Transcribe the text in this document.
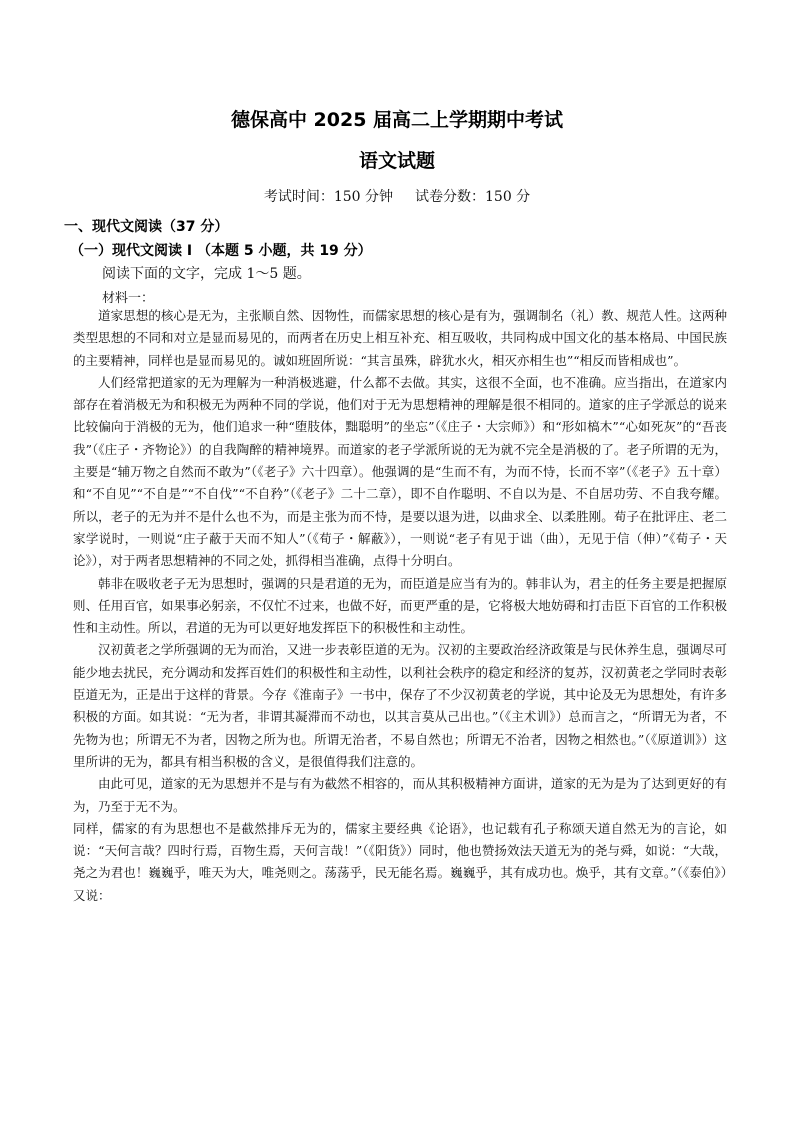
德保高中 2025 届高二上学期期中考试
语文试题
考试时间：150 分钟 试卷分数：150 分
一、现代文阅读（37 分）
（一）现代文阅读 I （本题 5 小题，共 19 分）
阅读下面的文字，完成 1～5 题。
材料一：

道家思想的核心是无为，主张顺自然、因物性，而儒家思想的核心是有为，强调制名（礼）教、规范人性。这两种类型思想的不同和对立是显而易见的，而两者在历史上相互补充、相互吸收，共同构成中国文化的基本格局、中国民族的主要精神，同样也是显而易见的。诚如班固所说：“其言虽殊，辟犹水火，相灭亦相生也”“相反而皆相成也”。

人们经常把道家的无为理解为一种消极逃避，什么都不去做。其实，这很不全面，也不准确。应当指出，在道家内部存在着消极无为和积极无为两种不同的学说，他们对于无为思想精神的理解是很不相同的。道家的庄子学派总的说来比较偏向于消极的无为，他们追求一种“堕肢体，黜聪明”的坐忘”（《庄子・大宗师》）和“形如槁木”“心如死灰”的“吾丧我”（《庄子・齐物论》）的自我陶醉的精神境界。而道家的老子学派所说的无为就不完全是消极的了。老子所谓的无为，主要是“辅万物之自然而不敢为”（《老子》六十四章）。他强调的是“生而不有，为而不恃，长而不宰”（《老子》五十章）和“不自见”“不自是”“不自伐”“不自矜”（《老子》二十二章），即不自作聪明、不自以为是、不自居功劳、不自我夸耀。所以，老子的无为并不是什么也不为，而是主张为而不恃，是要以退为进，以曲求全、以柔胜刚。荀子在批评庄、老二家学说时，一则说“庄子蔽于天而不知人”（《荀子・解蔽》），一则说“老子有见于诎（曲），无见于信（伸）”《荀子・天论》），对于两者思想精神的不同之处，抓得相当准确，点得十分明白。

韩非在吸收老子无为思想时，强调的只是君道的无为，而臣道是应当有为的。韩非认为，君主的任务主要是把握原则、任用百官，如果事必躬亲，不仅忙不过来，也做不好，而更严重的是，它将极大地妨碍和打击臣下百官的工作积极性和主动性。所以，君道的无为可以更好地发挥臣下的积极性和主动性。

汉初黄老之学所强调的无为而治，又进一步表彰臣道的无为。汉初的主要政治经济政策是与民休养生息，强调尽可能少地去扰民，充分调动和发挥百姓们的积极性和主动性，以利社会秩序的稳定和经济的复苏，汉初黄老之学同时表彰臣道无为，正是出于这样的背景。今存《淮南子》一书中，保存了不少汉初黄老的学说，其中论及无为思想处，有许多积极的方面。如其说：“无为者，非谓其凝滞而不动也，以其言莫从己出也。”（《主术训》）总而言之，“所谓无为者，不先物为也；所谓无不为者，因物之所为也。所谓无治者，不易自然也；所谓无不治者，因物之相然也。”（《原道训》）这里所讲的无为，都具有相当积极的含义，是很值得我们注意的。

由此可见，道家的无为思想并不是与有为截然不相容的，而从其积极精神方面讲，道家的无为是为了达到更好的有为，乃至于无不为。

同样，儒家的有为思想也不是截然排斥无为的，儒家主要经典《论语》，也记载有孔子称颂天道自然无为的言论，如说：“天何言哉？四时行焉，百物生焉，天何言哉！”（《阳货》）同时，他也赞扬效法天道无为的尧与舜，如说：“大哉，尧之为君也！巍巍乎，唯天为大，唯尧则之。荡荡乎，民无能名焉。巍巍乎，其有成功也。焕乎，其有文章。”（《泰伯》）又说：
